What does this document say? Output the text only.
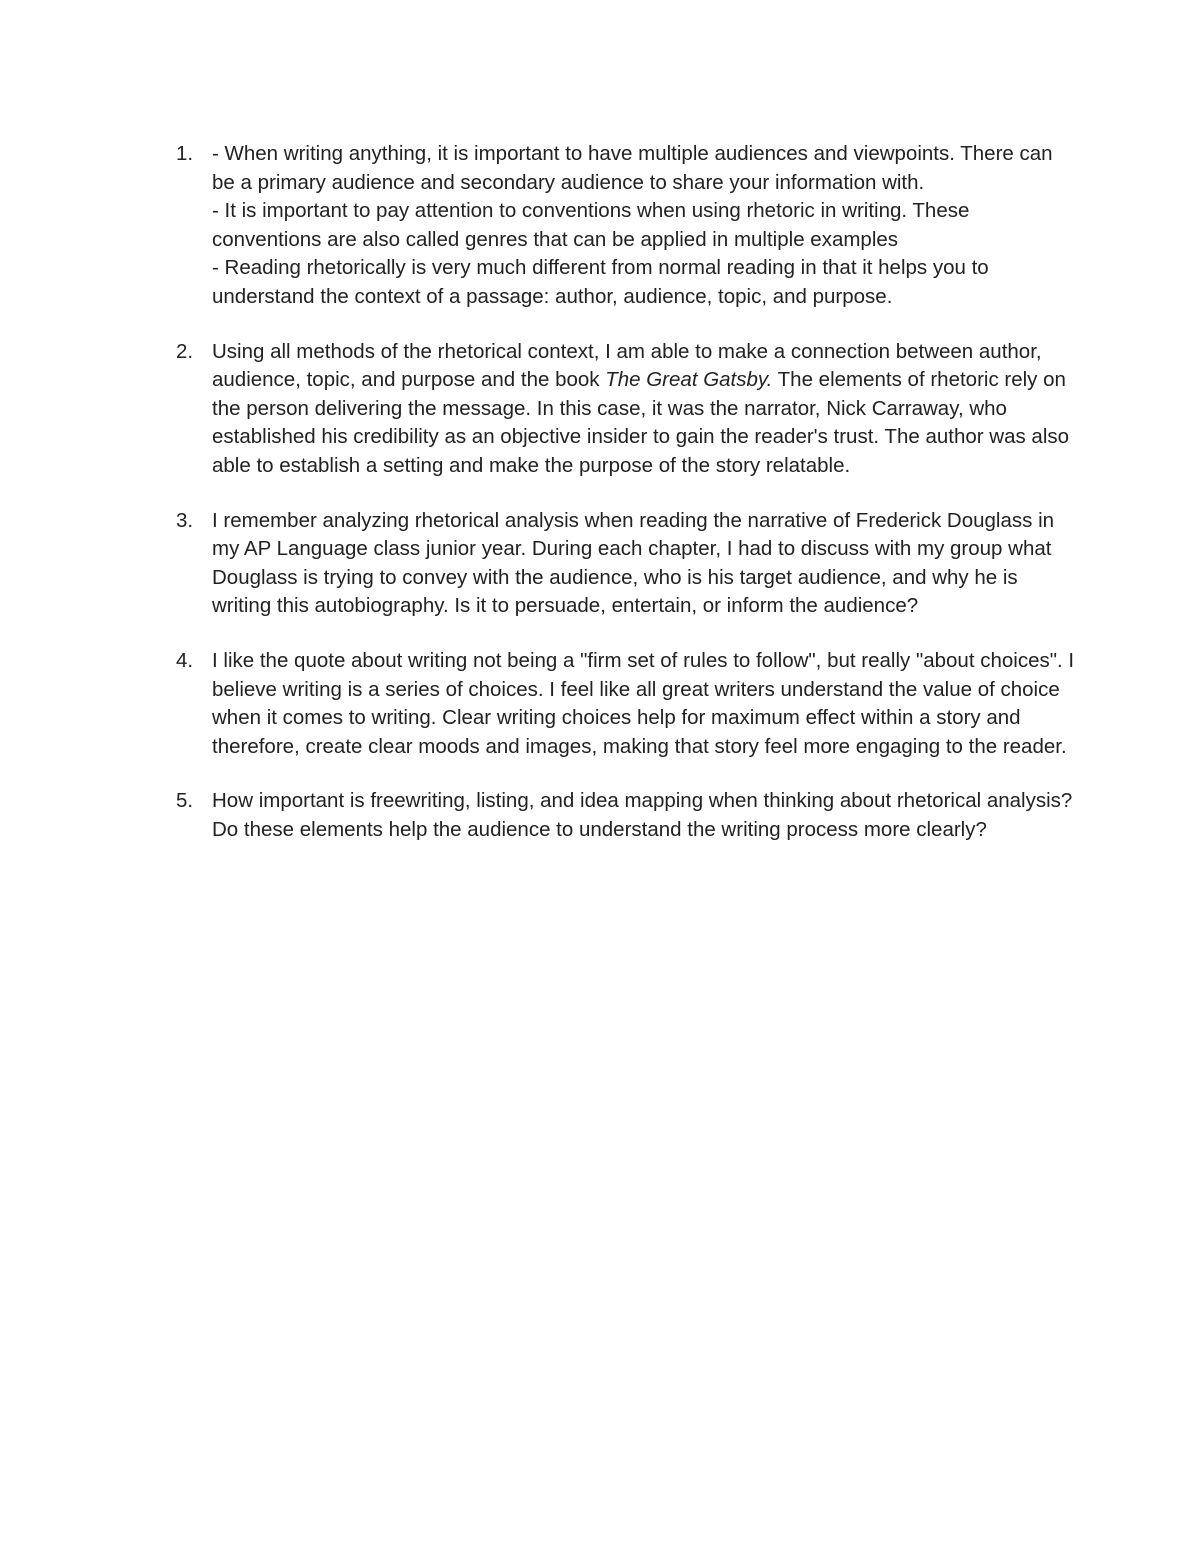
1. - When writing anything, it is important to have multiple audiences and viewpoints. There can be a primary audience and secondary audience to share your information with.
- It is important to pay attention to conventions when using rhetoric in writing. These conventions are also called genres that can be applied in multiple examples
- Reading rhetorically is very much different from normal reading in that it helps you to understand the context of a passage: author, audience, topic, and purpose.
2. Using all methods of the rhetorical context, I am able to make a connection between author, audience, topic, and purpose and the book The Great Gatsby. The elements of rhetoric rely on the person delivering the message. In this case, it was the narrator, Nick Carraway, who established his credibility as an objective insider to gain the reader's trust. The author was also able to establish a setting and make the purpose of the story relatable.
3. I remember analyzing rhetorical analysis when reading the narrative of Frederick Douglass in my AP Language class junior year. During each chapter, I had to discuss with my group what Douglass is trying to convey with the audience, who is his target audience, and why he is writing this autobiography. Is it to persuade, entertain, or inform the audience?
4. I like the quote about writing not being a "firm set of rules to follow", but really "about choices". I believe writing is a series of choices. I feel like all great writers understand the value of choice when it comes to writing. Clear writing choices help for maximum effect within a story and therefore, create clear moods and images, making that story feel more engaging to the reader.
5. How important is freewriting, listing, and idea mapping when thinking about rhetorical analysis? Do these elements help the audience to understand the writing process more clearly?
